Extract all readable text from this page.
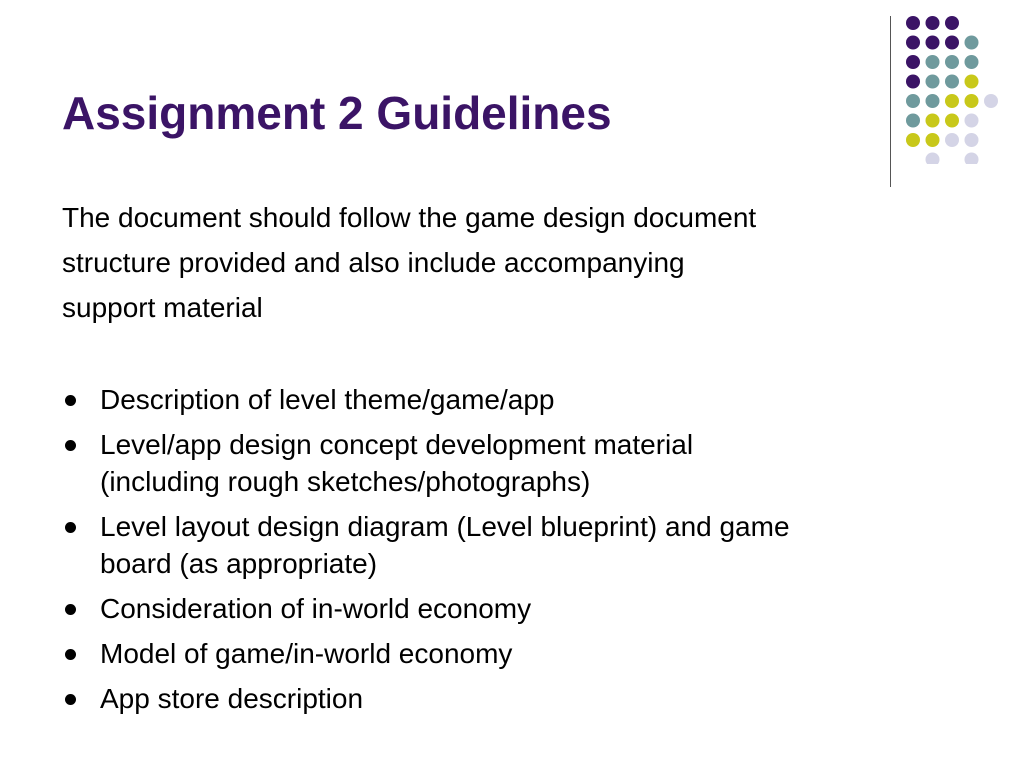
Assignment 2 Guidelines

The document should follow the game design document
structure provided and also include accompanying
support material

Description of level theme/game/app
Level/app design concept development material
(including rough sketches/photographs)
Level layout design diagram (Level blueprint) and game
board (as appropriate)
Consideration of in-world economy
Model of game/in-world economy
App store description
